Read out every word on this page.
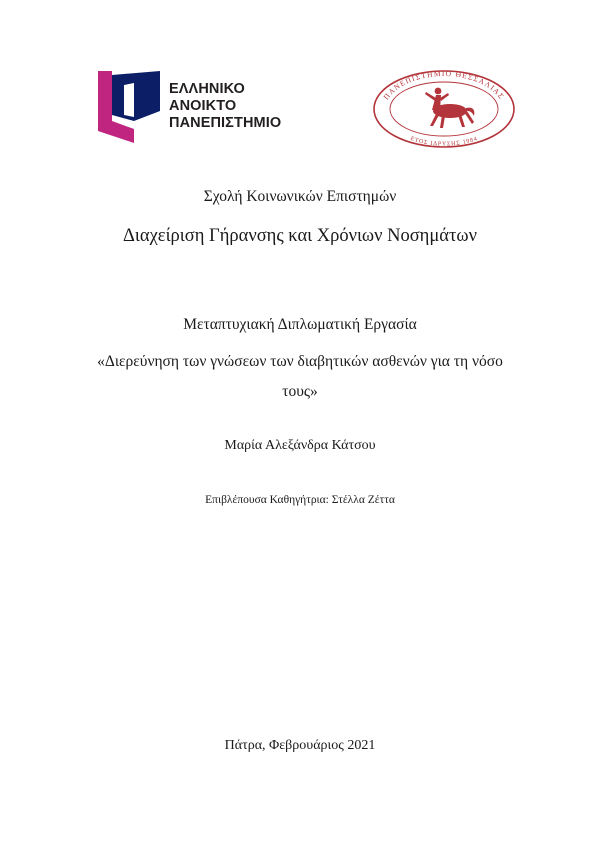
ΕΛΛΗΝΙΚΟ
ΑΝΟΙΚΤΟ
ΠΑΝΕΠΙΣΤΗΜΙΟ
ΠΑΝΕΠΙΣΤΗΜΙΟ ΘΕΣΣΑΛΙΑΣ
ΕΤΟΣ ΙΔΡΥΣΗΣ 1984
Σχολή Κοινωνικών Επιστημών
Διαχείριση Γήρανσης και Χρόνιων Νοσημάτων
Μεταπτυχιακή Διπλωματική Εργασία
«Διερεύνηση των γνώσεων των διαβητικών ασθενών για τη νόσο
τους»
Μαρία Αλεξάνδρα Κάτσου
Επιβλέπουσα Καθηγήτρια: Στέλλα Ζέττα
Πάτρα, Φεβρουάριος 2021
